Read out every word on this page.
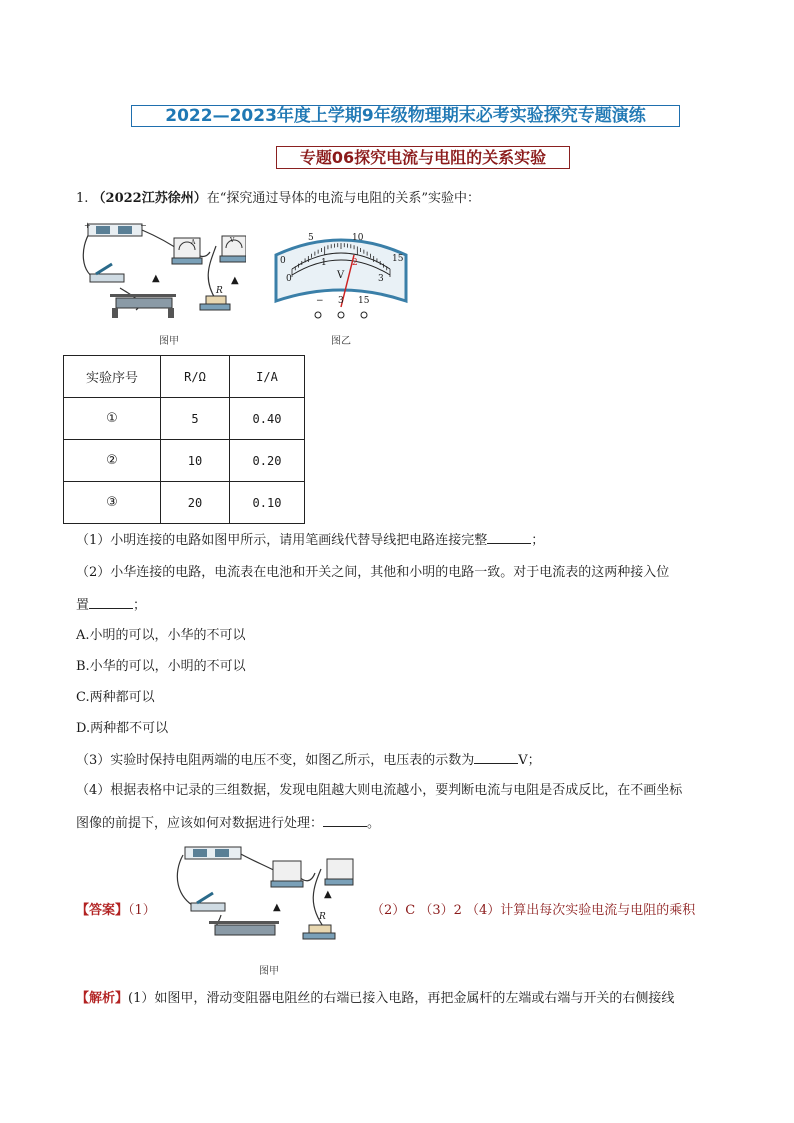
2022—2023年度上学期9年级物理期末必考实验探究专题演练
专题06探究电流与电阻的关系实验
1. （2022江苏徐州）在“探究通过导体的电流与电阻的关系”实验中：
+	−
▲	▲
R
A	V
图甲
0
5	10
15
0
1	2
3
V
− 3 15
图乙
实验序号	R/Ω	I/A
①	5	0.40
②	10	0.20
③	20	0.10
（1）小明连接的电路如图甲所示，请用笔画线代替导线把电路连接完整	；
（2）小华连接的电路，电流表在电池和开关之间，其他和小明的电路一致。对于电流表的这两种接入位
置	；
A.小明的可以，小华的不可以
B.小华的可以，小明的不可以
C.两种都可以
D.两种都不可以
（3）实验时保持电阻两端的电压不变，如图乙所示，电压表的示数为	V；
（4）根据表格中记录的三组数据，发现电阻越大则电流越小，要判断电流与电阻是否成反比，在不画坐标
图像的前提下，应该如何对数据进行处理：	。
【答案】（1）	▲
▲
R
图甲
（2）C （3）2 （4）计算出每次实验电流与电阻的乘积
【解析】(1）如图甲，滑动变阻器电阻丝的右端已接入电路，再把金属杆的左端或右端与开关的右侧接线
